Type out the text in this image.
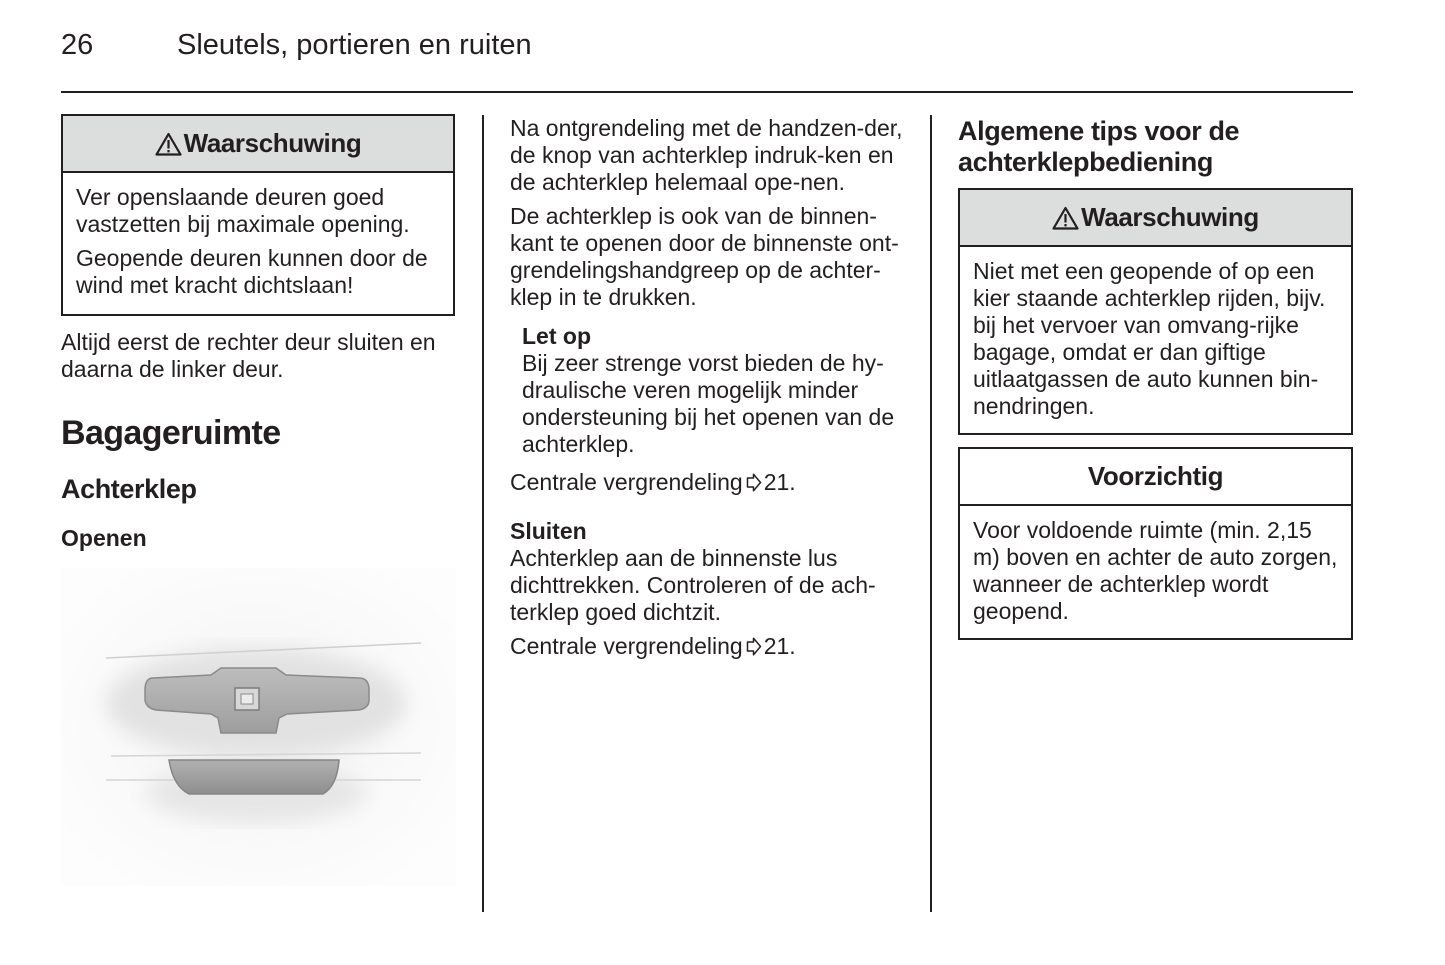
26	Sleutels, portieren en ruiten
Waarschuwing

Ver openslaande deuren goed vastzetten bij maximale opening.

Geopende deuren kunnen door de wind met kracht dichtslaan!

Altijd eerst de rechter deur sluiten en daarna de linker deur.

Bagageruimte
Achterklep
Openen

Na ontgrendeling met de handzen-der, de knop van achterklep indruk-ken en de achterklep helemaal ope-nen.

De achterklep is ook van de binnen-kant te openen door de binnenste ont-grendelingshandgreep op de achter-klep in te drukken.

Let op

Bij zeer strenge vorst bieden de hy-draulische veren mogelijk minder ondersteuning bij het openen van de achterklep.

Centrale vergrendeling 21.

Sluiten

Achterklep aan de binnenste lus dichttrekken. Controleren of de ach-terklep goed dichtzit.

Centrale vergrendeling 21.

Algemene tips voor de achterklepbediening
Waarschuwing

Niet met een geopende of op een kier staande achterklep rijden, bijv. bij het vervoer van omvang-rijke bagage, omdat er dan giftige uitlaatgassen de auto kunnen bin-nendringen.

Voorzichtig

Voor voldoende ruimte (min. 2,15 m) boven en achter de auto zorgen, wanneer de achterklep wordt geopend.
